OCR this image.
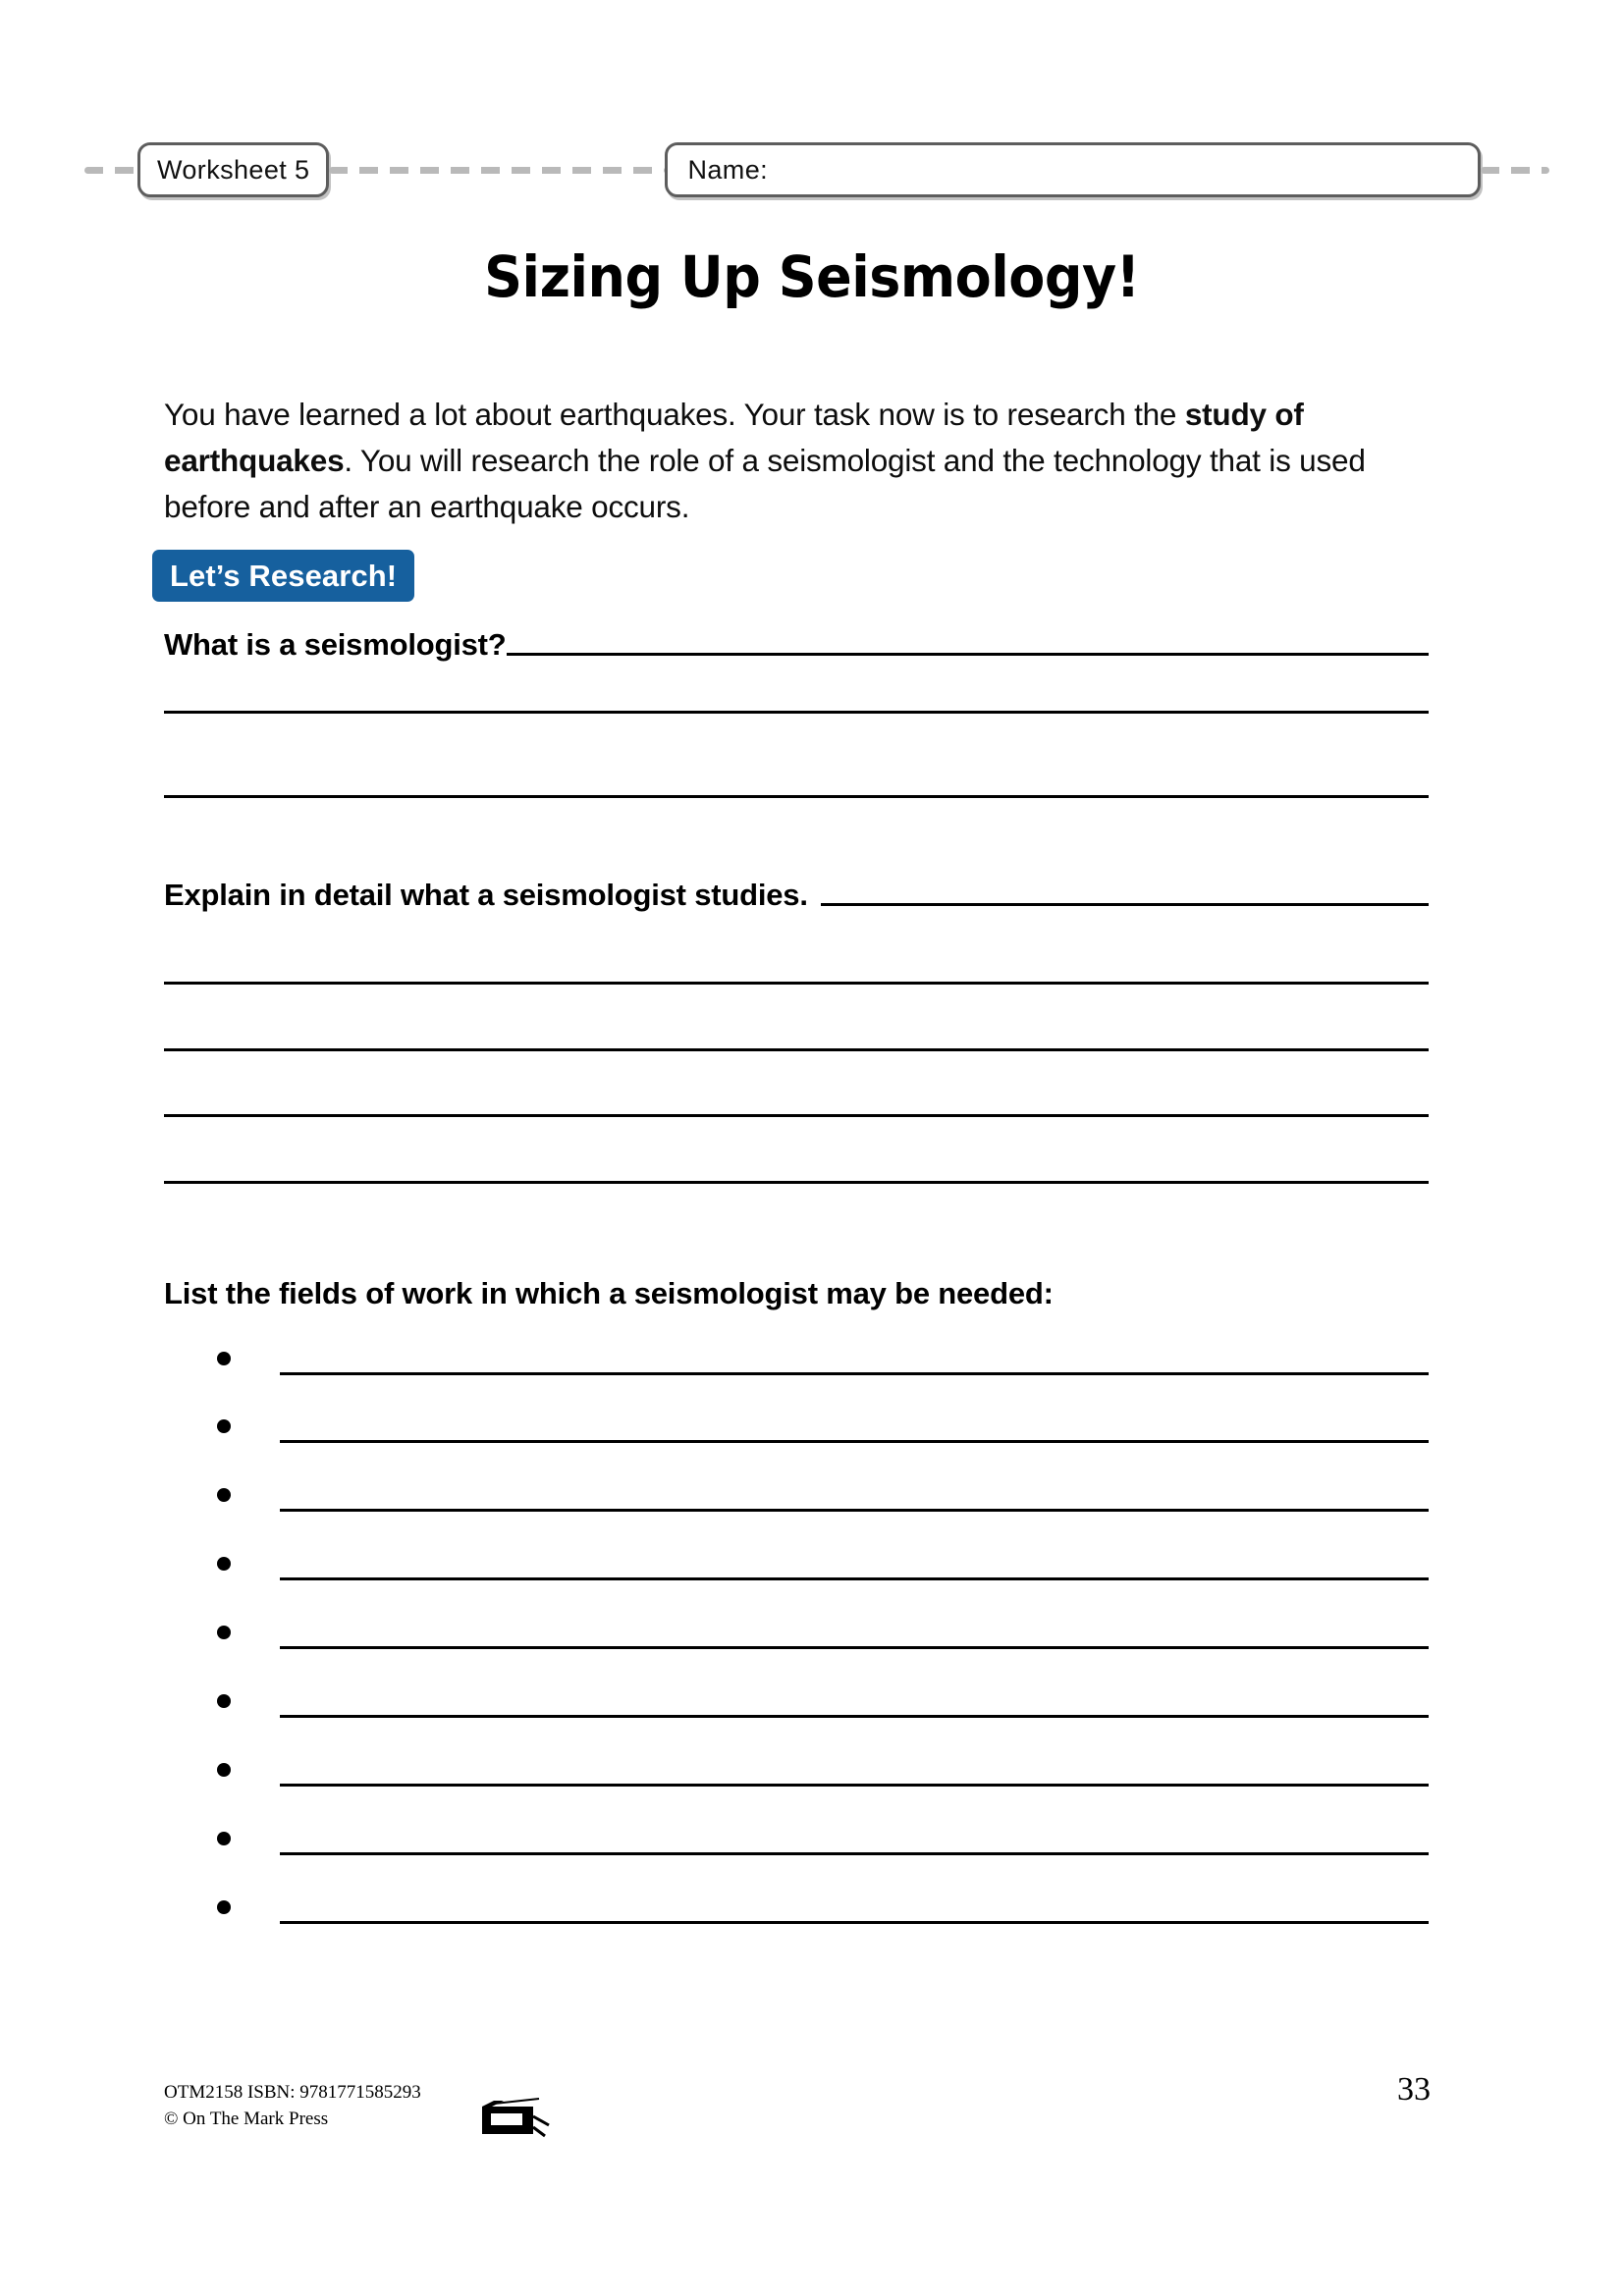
Worksheet 5	Name:
Sizing Up Seismology!

You have learned a lot about earthquakes. Your task now is to research the study of earthquakes. You will research the role of a seismologist and the technology that is used before and after an earthquake occurs.

Let’s Research!
What is a seismologist?
Explain in detail what a seismologist studies.
List the fields of work in which a seismologist may be needed:
OTM2158 ISBN: 9781771585293
© On The Mark Press
33
